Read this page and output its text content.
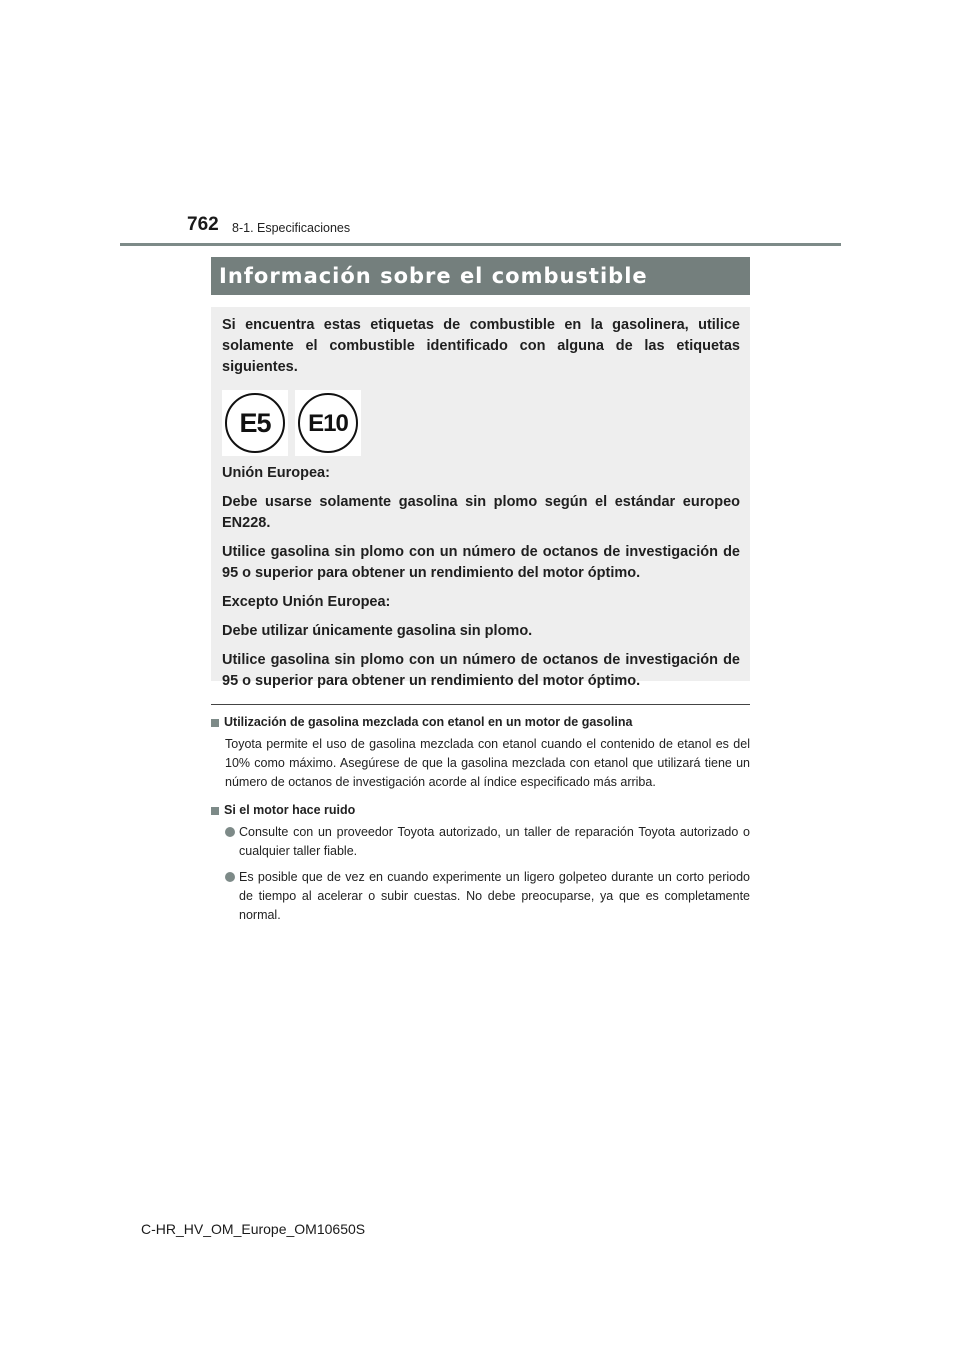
762 8-1. Especificaciones
Información sobre el combustible

Si encuentra estas etiquetas de combustible en la gasolinera, utilice solamente el combustible identificado con alguna de las etiquetas siguientes.

E5	E10

Unión Europea:

Debe usarse solamente gasolina sin plomo según el estándar europeo EN228.

Utilice gasolina sin plomo con un número de octanos de investigación de 95 o superior para obtener un rendimiento del motor óptimo.

Excepto Unión Europea:

Debe utilizar únicamente gasolina sin plomo.

Utilice gasolina sin plomo con un número de octanos de investigación de 95 o superior para obtener un rendimiento del motor óptimo.

Utilización de gasolina mezclada con etanol en un motor de gasolina

Toyota permite el uso de gasolina mezclada con etanol cuando el contenido de etanol es del 10% como máximo. Asegúrese de que la gasolina mezclada con etanol que utilizará tiene un número de octanos de investigación acorde al índice especificado más arriba.

Si el motor hace ruido

Consulte con un proveedor Toyota autorizado, un taller de reparación Toyota autorizado o cualquier taller fiable.

Es posible que de vez en cuando experimente un ligero golpeteo durante un corto periodo de tiempo al acelerar o subir cuestas. No debe preocuparse, ya que es completamente normal.

C-HR_HV_OM_Europe_OM10650S
